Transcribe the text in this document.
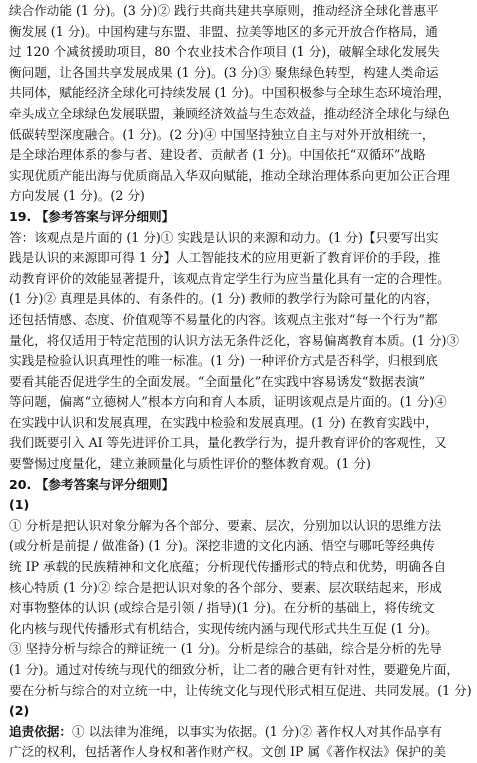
续合作动能 (1 分)。(3 分)② 践行共商共建共享原则，推动经济全球化普惠平
衡发展 (1 分)。中国构建与东盟、非盟、拉美等地区的多元开放合作格局，通
过 120 个减贫援助项目，80 个农业技术合作项目 (1 分)，破解全球化发展失
衡问题，让各国共享发展成果 (1 分)。(3 分)③ 聚焦绿色转型，构建人类命运
共同体，赋能经济全球化可持续发展 (1 分)。中国积极参与全球生态环境治理，
牵头成立全球绿色发展联盟，兼顾经济效益与生态效益，推动经济全球化与绿色
低碳转型深度融合。(1 分)。(2 分)④ 中国坚持独立自主与对外开放相统一，
是全球治理体系的参与者、建设者、贡献者 (1 分)。中国依托“双循环”战略
实现优质产能出海与优质商品入华双向赋能，推动全球治理体系向更加公正合理
方向发展 (1 分)。(2 分)
19. 【参考答案与评分细则】
答：该观点是片面的 (1 分)① 实践是认识的来源和动力。(1 分)【只要写出实
践是认识的来源即可得 1 分】人工智能技术的应用更新了教育评价的手段，推
动教育评价的效能显著提升，该观点肯定学生行为应当量化具有一定的合理性。
(1 分)② 真理是具体的、有条件的。(1 分) 教师的教学行为除可量化的内容，
还包括情感、态度、价值观等不易量化的内容。该观点主张对“每一个行为”都
量化，将仅适用于特定范围的认识方法无条件泛化，容易偏离教育本质。(1 分)③
实践是检验认识真理性的唯一标准。(1 分) 一种评价方式是否科学，归根到底
要看其能否促进学生的全面发展。“全面量化”在实践中容易诱发“数据表演”
等问题，偏离“立德树人”根本方向和育人本质，证明该观点是片面的。(1 分)④
在实践中认识和发展真理，在实践中检验和发展真理。(1 分) 在教育实践中，
我们既要引入 AI 等先进评价工具，量化教学行为，提升教育评价的客观性，又
要警惕过度量化，建立兼顾量化与质性评价的整体教育观。(1 分)
20. 【参考答案与评分细则】
(1)
① 分析是把认识对象分解为各个部分、要素、层次，分别加以认识的思维方法
(或分析是前提 / 做准备) (1 分)。深挖非遗的文化内涵、悟空与哪吒等经典传
统 IP 承载的民族精神和文化底蕴；分析现代传播形式的特点和优势，明确各自
核心特质 (1 分)② 综合是把认识对象的各个部分、要素、层次联结起来，形成
对事物整体的认识 (或综合是引领 / 指导)(1 分)。在分析的基础上，将传统文
化内核与现代传播形式有机结合，实现传统内涵与现代形式共生互促 (1 分)。
③ 坚持分析与综合的辩证统一 (1 分)。分析是综合的基础，综合是分析的先导
(1 分)。通过对传统与现代的细致分析，让二者的融合更有针对性，要避免片面，
要在分析与综合的对立统一中，让传统文化与现代形式相互促进、共同发展。(1 分)
(2)
追责依据：① 以法律为准绳，以事实为依据。(1 分)② 著作权人对其作品享有
广泛的权利，包括著作人身权和著作财产权。文创 IP 属《著作权法》保护的美
